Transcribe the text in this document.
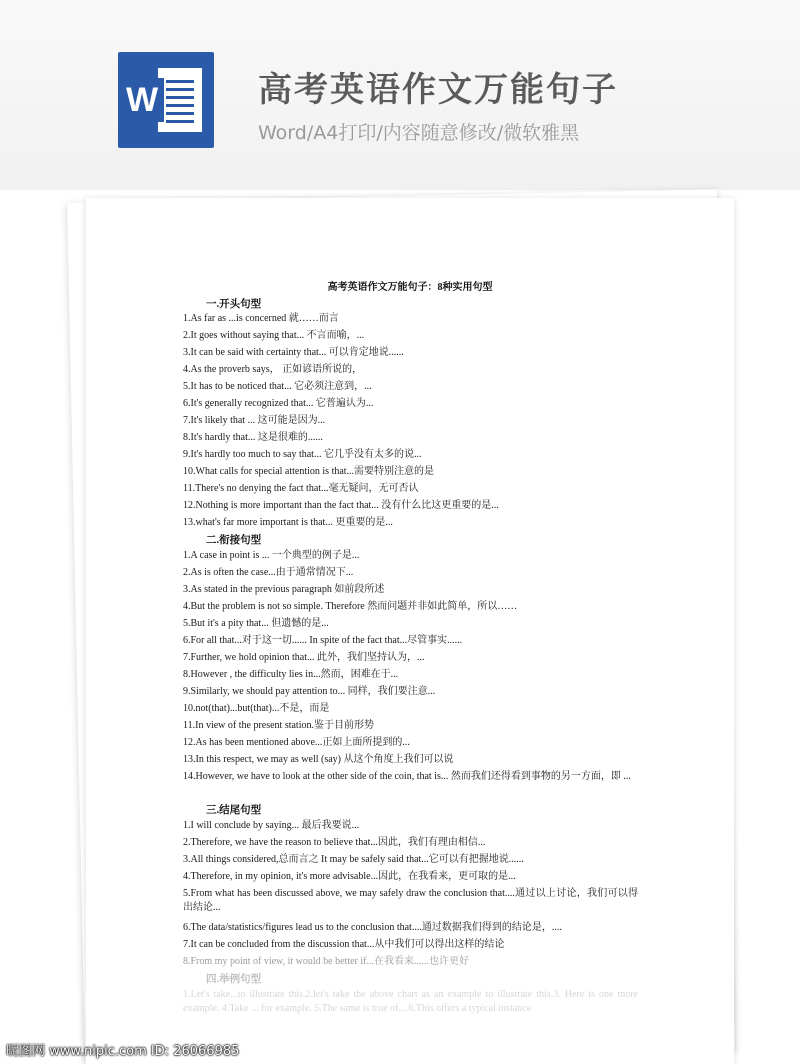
W	高考英语作文万能句子
Word/A4打印/内容随意修改/微软雅黑
高考英语作文万能句子：8种实用句型
一.开头句型
1.As far as ...is concerned 就……而言
2.It goes without saying that... 不言而喻，...
3.It can be said with certainty that... 可以肯定地说......
4.As the proverb says， 正如谚语所说的，
5.It has to be noticed that... 它必须注意到，...
6.It's generally recognized that... 它普遍认为...
7.It's likely that ... 这可能是因为...
8.It's hardly that... 这是很难的......
9.It's hardly too much to say that... 它几乎没有太多的说...
10.What calls for special attention is that...需要特别注意的是
11.There's no denying the fact that...毫无疑问，无可否认
12.Nothing is more important than the fact that... 没有什么比这更重要的是...
13.what's far more important is that... 更重要的是...
二.衔接句型
1.A case in point is ... 一个典型的例子是...
2.As is often the case...由于通常情况下...
3.As stated in the previous paragraph 如前段所述
4.But the problem is not so simple. Therefore 然而问题并非如此简单，所以……
5.But it's a pity that... 但遗憾的是...
6.For all that...对于这一切...... In spite of the fact that...尽管事实......
7.Further, we hold opinion that... 此外，我们坚持认为，...
8.However , the difficulty lies in...然而，困难在于...
9.Similarly, we should pay attention to... 同样，我们要注意...
10.not(that)...but(that)...不是，而是
11.In view of the present station.鉴于目前形势
12.As has been mentioned above...正如上面所提到的...
13.In this respect, we may as well (say) 从这个角度上我们可以说
14.However, we have to look at the other side of the coin, that is... 然而我们还得看到事物的另一方面，即 ...
三.结尾句型
1.I will conclude by saying... 最后我要说...
2.Therefore, we have the reason to believe that...因此，我们有理由相信...
3.All things considered,总而言之 It may be safely said that...它可以有把握地说......
4.Therefore, in my opinion, it's more advisable...因此，在我看来，更可取的是...
5.From what has been discussed above, we may safely draw the conclusion that....通过以上讨论，我们可以得出结论...
6.The data/statistics/figures lead us to the conclusion that....通过数据我们得到的结论是，....
7.It can be concluded from the discussion that...从中我们可以得出这样的结论
8.From my point of view, it would be better if...在我看来......也许更好
四.举例句型
1.Let's take...to illustrate this.2.let's take the above chart as an example to illustrate this.3. Here is one more example. 4.Take ... for example. 5.The same is true of....6.This offers a typical instance
昵图网 www.nipic.com ID: 26066985
